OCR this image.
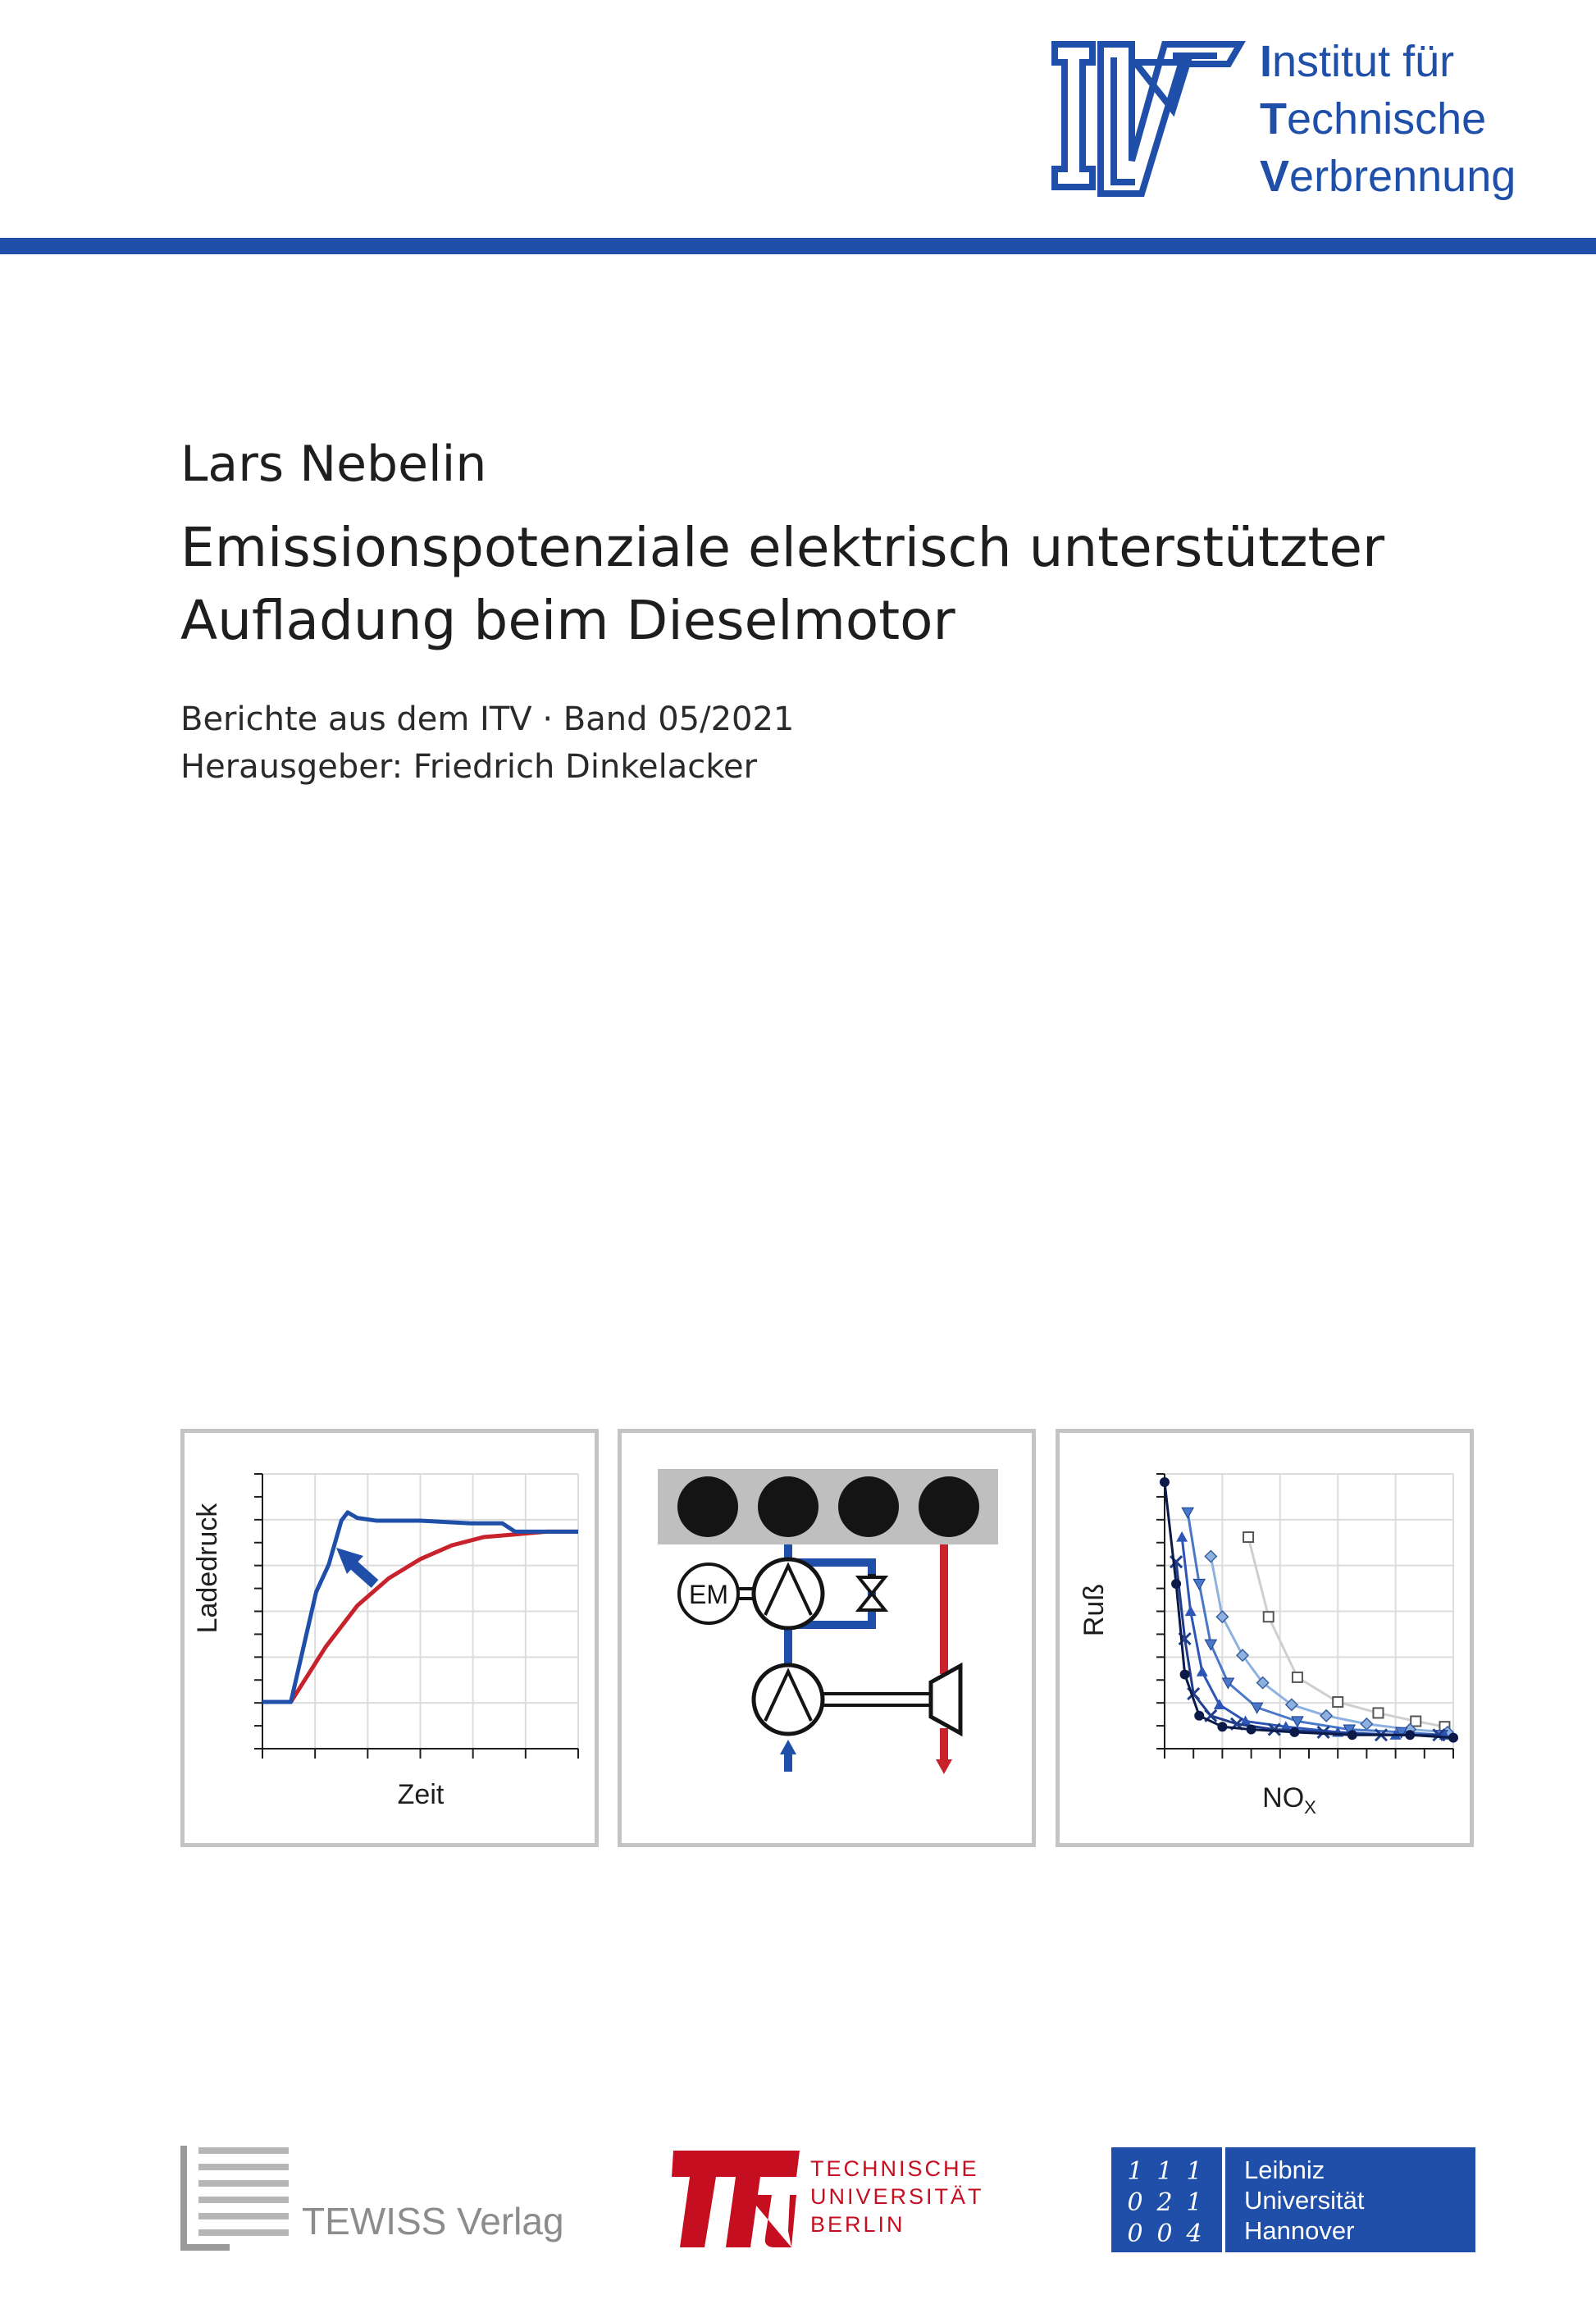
Institut für
Technische
Verbrennung
Lars Nebelin
Emissionspotenziale elektrisch unterstützter
Aufladung beim Dieselmotor
Berichte aus dem ITV · Band 05/2021
Herausgeber: Friedrich Dinkelacker
Ladedruck
Zeit
EM	Ruß
$NO_X$
TEWISS Verlag
TECHNISCHE
UNIVERSITÄT
BERLIN
1 1 1
0 2 1
0 0 4
Leibniz
Universität
Hannover
